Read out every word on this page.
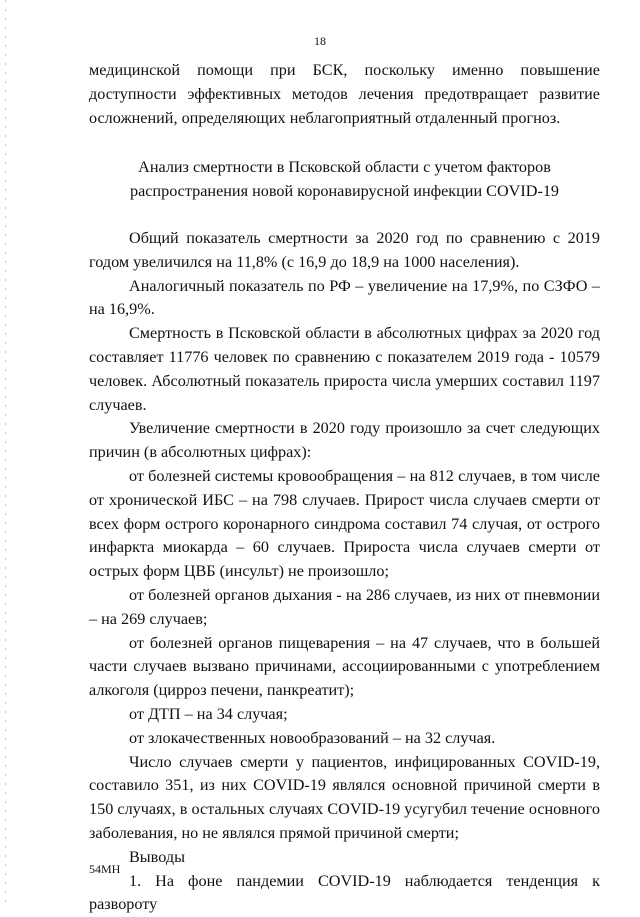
18

медицинской помощи при БСК, поскольку именно повышение доступности эффективных методов лечения предотвращает развитие осложнений, определяющих неблагоприятный отдаленный прогноз.

Анализ смертности в Псковской области с учетом факторов распространения новой коронавирусной инфекции COVID-19

Общий показатель смертности за 2020 год по сравнению с 2019 годом увеличился на 11,8% (с 16,9 до 18,9 на 1000 населения).

Аналогичный показатель по РФ – увеличение на 17,9%, по СЗФО – на 16,9%.

Смертность в Псковской области в абсолютных цифрах за 2020 год составляет 11776 человек по сравнению с показателем 2019 года - 10579 человек. Абсолютный показатель прироста числа умерших составил 1197 случаев.

Увеличение смертности в 2020 году произошло за счет следующих причин (в абсолютных цифрах):

от болезней системы кровообращения – на 812 случаев, в том числе от хронической ИБС – на 798 случаев. Прирост числа случаев смерти от всех форм острого коронарного синдрома составил 74 случая, от острого инфаркта миокарда – 60 случаев. Прироста числа случаев смерти от острых форм ЦВБ (инсульт) не произошло;

от болезней органов дыхания - на 286 случаев, из них от пневмонии – на 269 случаев;

от болезней органов пищеварения – на 47 случаев, что в большей части случаев вызвано причинами, ассоциированными с употреблением алкоголя (цирроз печени, панкреатит);

от ДТП – на 34 случая;

от злокачественных новообразований – на 32 случая.

Число случаев смерти у пациентов, инфицированных COVID-19, составило 351, из них COVID-19 являлся основной причиной смерти в 150 случаях, в остальных случаях COVID-19 усугубил течение основного заболевания, но не являлся прямой причиной смерти;

Выводы

1. На фоне пандемии COVID-19 наблюдается тенденция к развороту

54МН
